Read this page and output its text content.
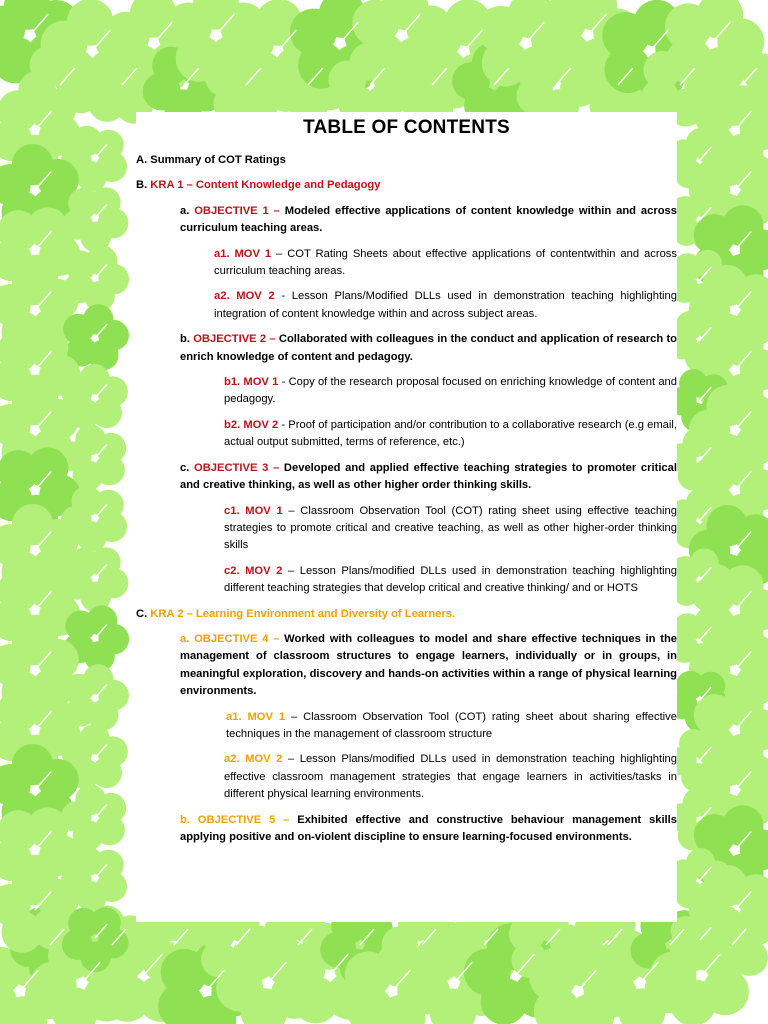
TABLE OF CONTENTS

A. Summary of COT Ratings

B. KRA 1 – Content Knowledge and Pedagogy

a. OBJECTIVE 1 – Modeled effective applications of content knowledge within and across curriculum teaching areas.

a1. MOV 1 – COT Rating Sheets about effective applications of contentwithin and across curriculum teaching areas.

a2. MOV 2 - Lesson Plans/Modified DLLs used in demonstration teaching highlighting integration of content knowledge within and across subject areas.

b. OBJECTIVE 2 – Collaborated with colleagues in the conduct and application of research to enrich knowledge of content and pedagogy.

b1. MOV 1 - Copy of the research proposal focused on enriching knowledge of content and pedagogy.

b2. MOV 2 - Proof of participation and/or contribution to a collaborative research (e.g email, actual output submitted, terms of reference, etc.)

c. OBJECTIVE 3 – Developed and applied effective teaching strategies to promoter critical and creative thinking, as well as other higher order thinking skills.

c1. MOV 1 – Classroom Observation Tool (COT) rating sheet using effective teaching strategies to promote critical and creative teaching, as well as other higher-order thinking skills

c2. MOV 2 – Lesson Plans/modified DLLs used in demonstration teaching highlighting different teaching strategies that develop critical and creative thinking/ and or HOTS

C. KRA 2 – Learning Environment and Diversity of Learners.

a. OBJECTIVE 4 – Worked with colleagues to model and share effective techniques in the management of classroom structures to engage learners, individually or in groups, in meaningful exploration, discovery and hands-on activities within a range of physical learning environments.

a1. MOV 1 – Classroom Observation Tool (COT) rating sheet about sharing effective techniques in the management of classroom structure

a2. MOV 2 – Lesson Plans/modified DLLs used in demonstration teaching highlighting effective classroom management strategies that engage learners in activities/tasks in different physical learning environments.

b. OBJECTIVE 5 – Exhibited effective and constructive behaviour management skills applying positive and on-violent discipline to ensure learning-focused environments.
